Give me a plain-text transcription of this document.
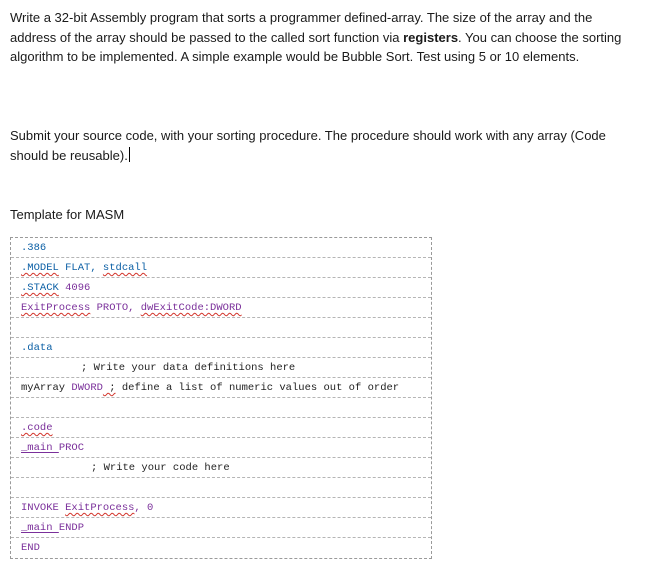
Write a 32-bit Assembly program that sorts a programmer defined-array. The size of the array and the address of the array should be passed to the called sort function via registers. You can choose the sorting algorithm to be implemented. A simple example would be Bubble Sort. Test using 5 or 10 elements.

Submit your source code, with your sorting procedure. The procedure should work with any array (Code should be reusable).

Template for MASM

.386
.MODEL FLAT, stdcall
.STACK 4096
ExitProcess PROTO, dwExitCode:DWORD
.data
; Write your data definitions here
myArray DWORD ; define a list of numeric values out of order
.code
_main PROC
; Write your code here
INVOKE ExitProcess, 0
_main ENDP
END
